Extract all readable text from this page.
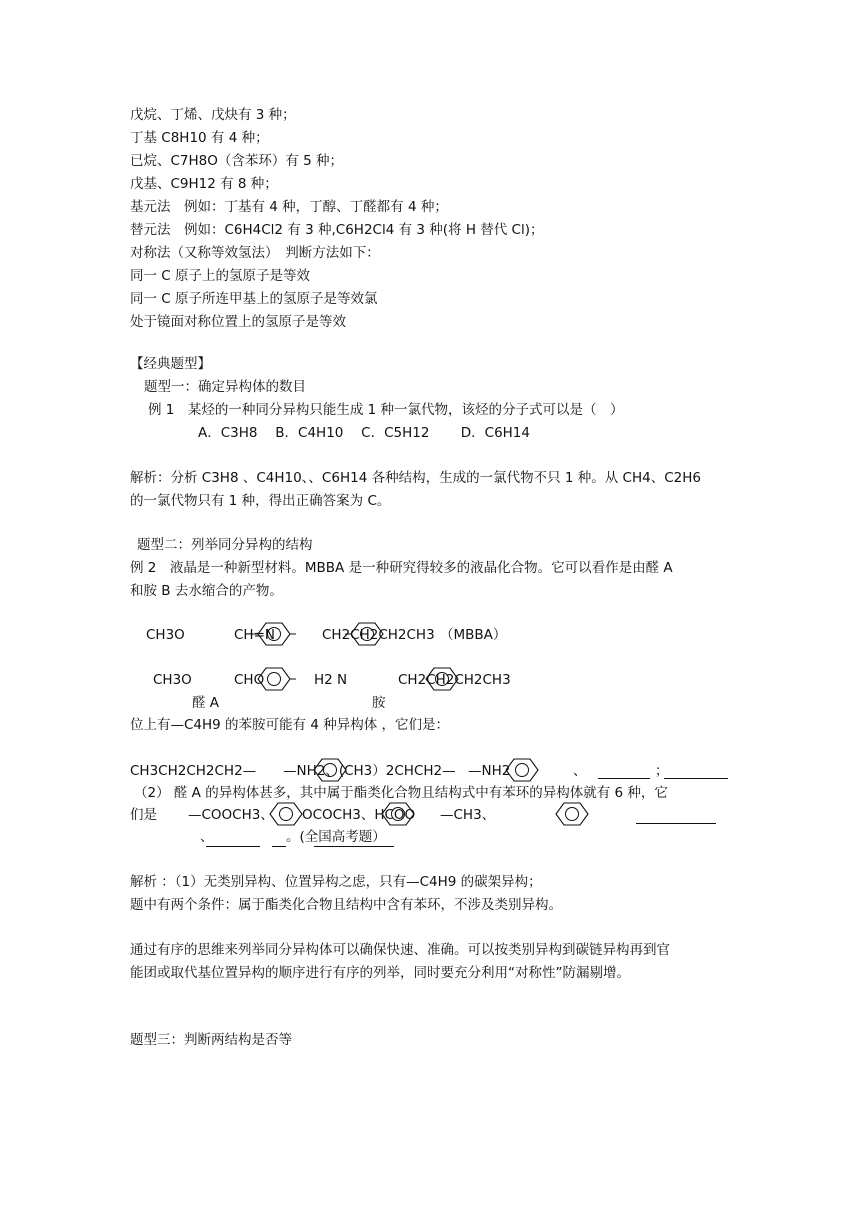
戊烷、丁烯、戊炔有 3 种；
丁基 C8H10 有 4 种；
已烷、C7H8O（含苯环）有 5 种；
戊基、C9H12 有 8 种；
基元法　例如：丁基有 4 种，丁醇、丁醛都有 4 种；
替元法　例如：C6H4Cl2 有 3 种,C6H2Cl4 有 3 种(将 H 替代 Cl)；
对称法（又称等效氢法）　判断方法如下：
同一 C 原子上的氢原子是等效
同一 C 原子所连甲基上的氢原子是等效氯
处于镜面对称位置上的氢原子是等效
【经典题型】
题型一：确定异构体的数目
例 1　某烃的一种同分异构只能生成 1 种一氯代物，该烃的分子式可以是（　）
A．C3H8　 B．C4H10　 C．C5H12　　 D．C6H14
解析：分析 C3H8 、C4H10、、C6H14 各种结构，生成的一氯代物不只 1 种。从 CH4、C2H6
的一氯代物只有 1 种，得出正确答案为 C。
题型二：列举同分异构的结构
例 2　液晶是一种新型材料。MBBA 是一种研究得较多的液晶化合物。它可以看作是由醛 A
和胺 B 去水缩合的产物。
CH3O	CH=N	CH2CH2CH2CH3 （MBBA）
CH3O	CHO	H2 N	CH2CH2CH2CH3
醛 A	胺
位上有—C4H9 的苯胺可能有 4 种异构体 ，它们是：
CH3CH2CH2CH2— —NH2、(CH3）2CHCH2— —NH2	、	；
（2） 醛 A 的异构体甚多，其中属于酯类化合物且结构式中有苯环的异构体就有 6 种，它
们是 —COOCH3、 OCOCH3、HCOO —CH3、
、	。(全国高考题）
解析 ：（1）无类别异构、位置异构之虑，只有—C4H9 的碳架异构；
题中有两个条件：属于酯类化合物且结构中含有苯环，不涉及类别异构。
通过有序的思维来列举同分异构体可以确保快速、准确。可以按类别异构到碳链异构再到官
能团或取代基位置异构的顺序进行有序的列举，同时要充分利用“对称性”防漏剔增。
题型三：判断两结构是否等
